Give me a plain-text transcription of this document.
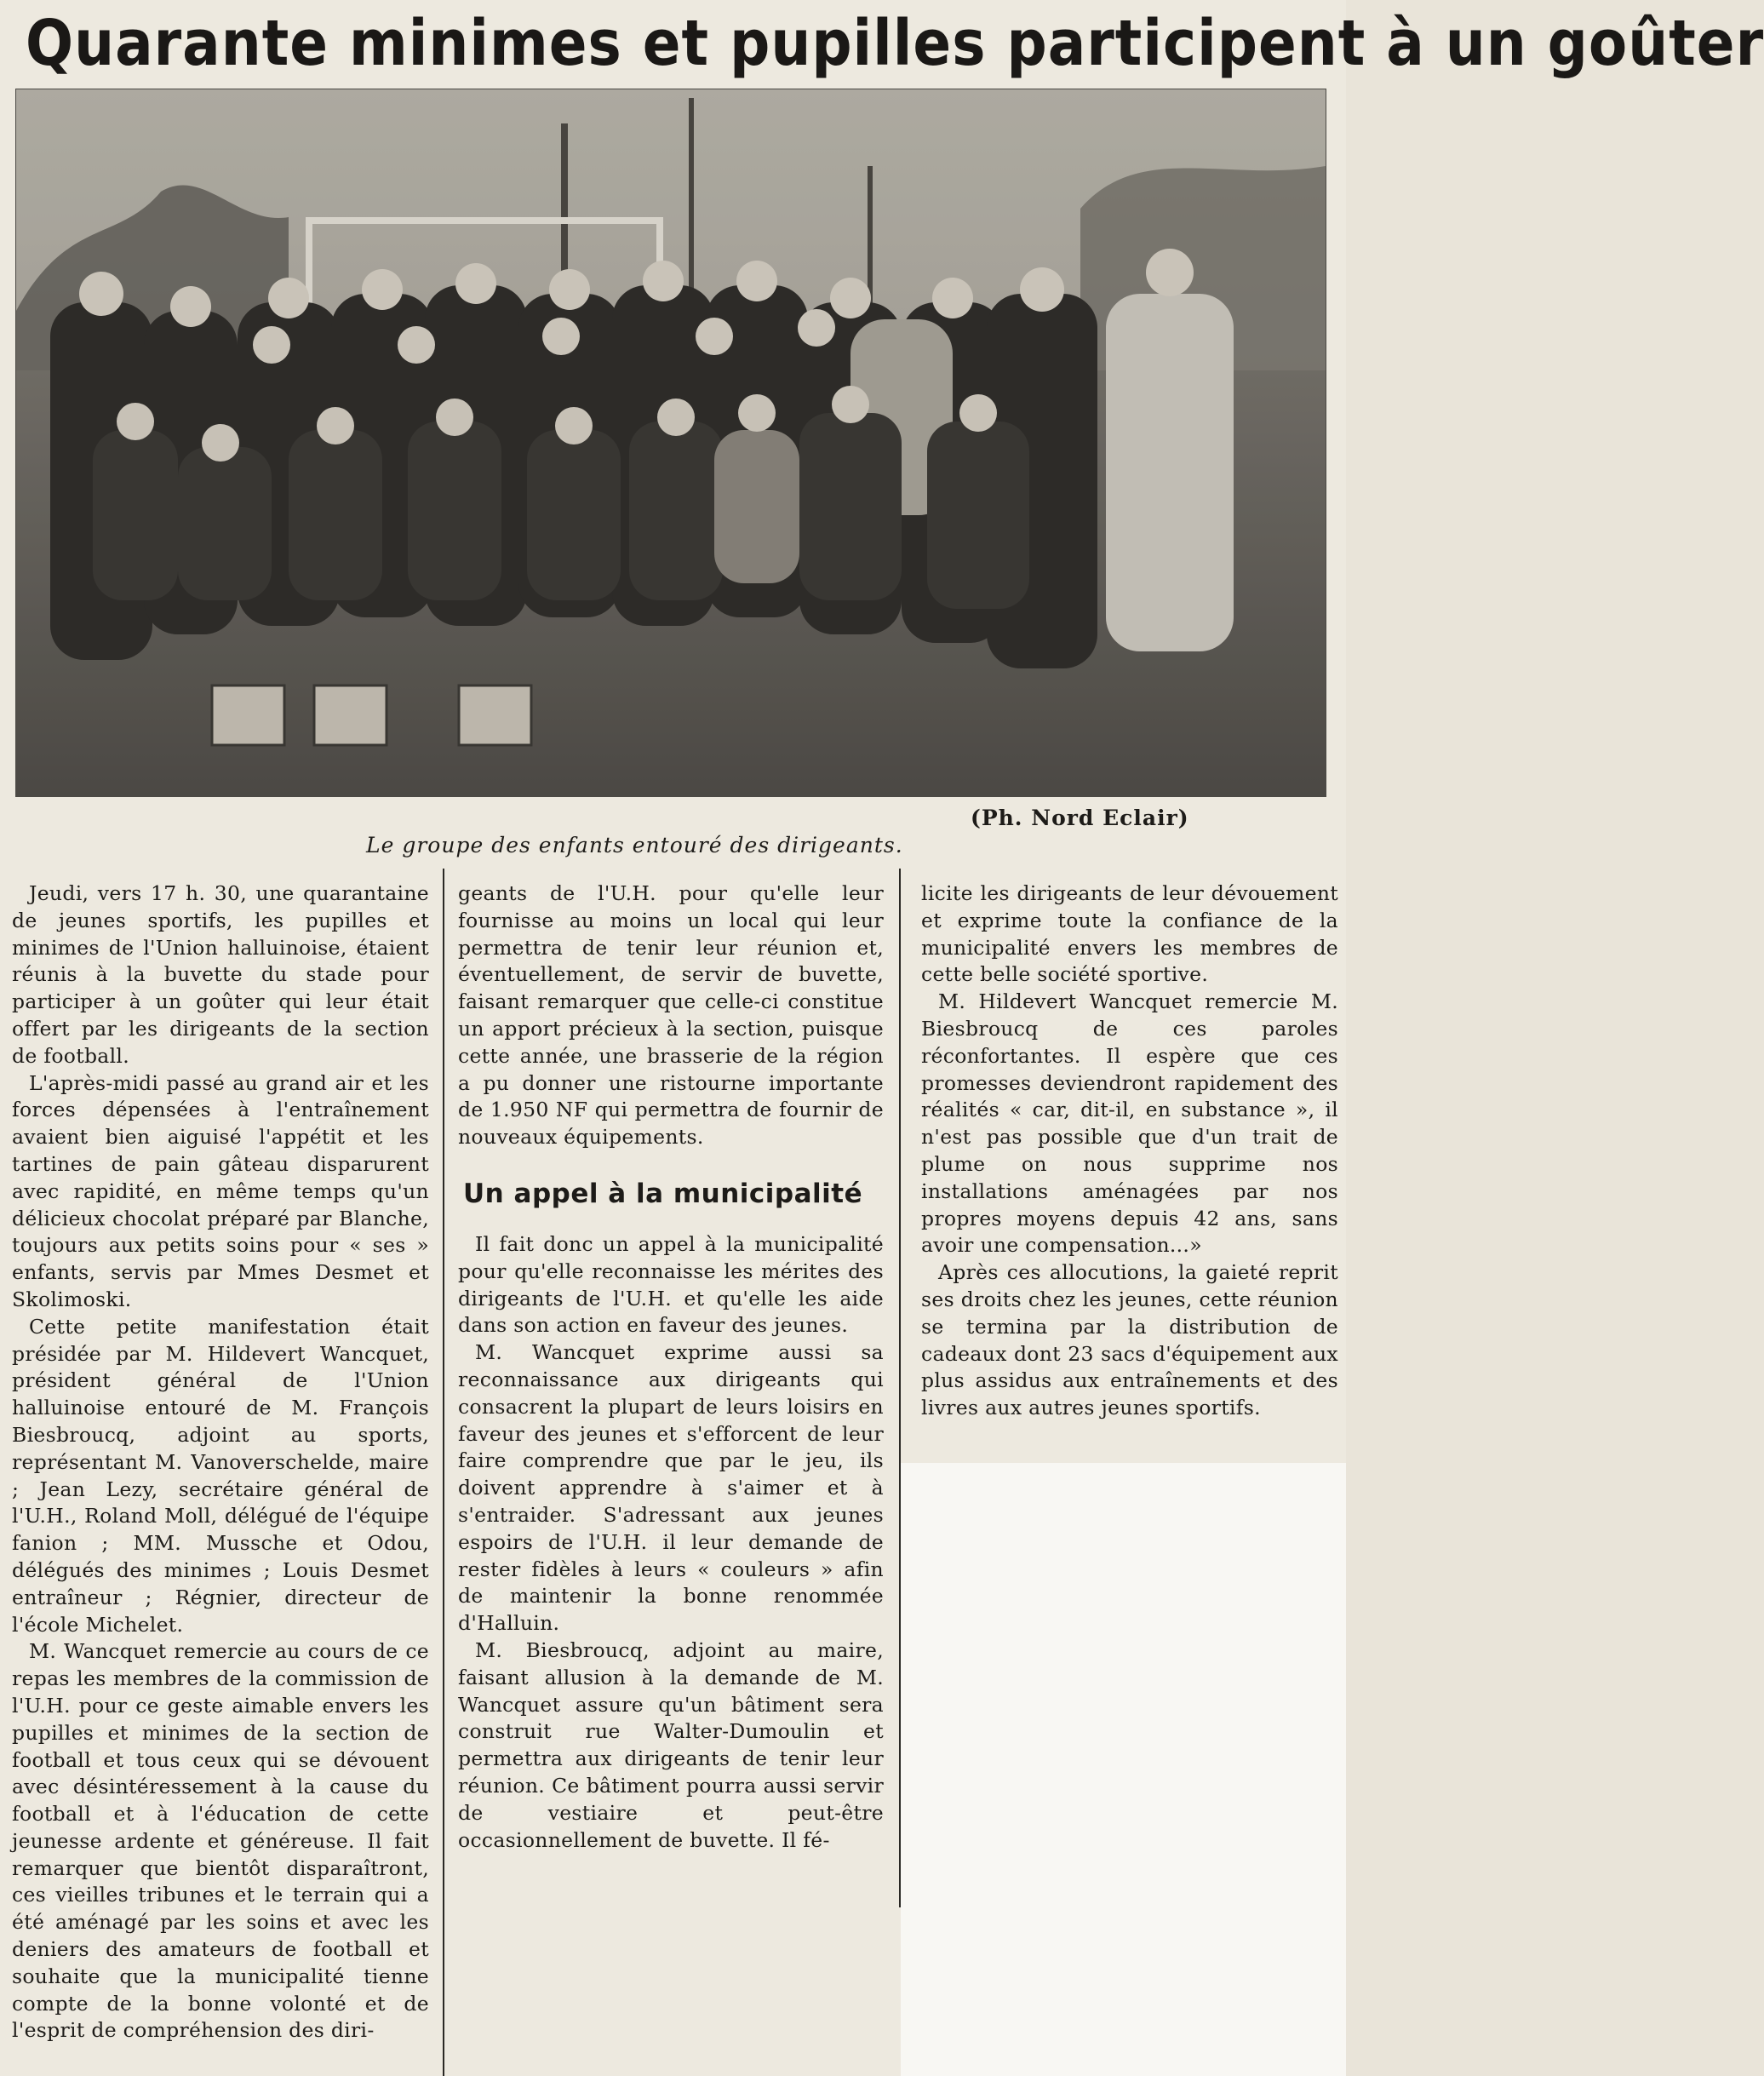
Quarante minimes et pupilles participent à un goûter
(Ph. Nord Eclair)
Le groupe des enfants entouré des dirigeants.

Jeudi, vers 17 h. 30, une quarantaine de jeunes sportifs, les pupilles et minimes de l'Union halluinoise, étaient réunis à la buvette du stade pour participer à un goûter qui leur était offert par les dirigeants de la section de football.

L'après-midi passé au grand air et les forces dépensées à l'entraînement avaient bien aiguisé l'appétit et les tartines de pain gâteau disparurent avec rapidité, en même temps qu'un délicieux chocolat préparé par Blanche, toujours aux petits soins pour « ses » enfants, servis par Mmes Desmet et Skolimoski.

Cette petite manifestation était présidée par M. Hildevert Wancquet, président général de l'Union halluinoise entouré de M. François Biesbroucq, adjoint au sports, représentant M. Vanoverschelde, maire ; Jean Lezy, secrétaire général de l'U.H., Roland Moll, délégué de l'équipe fanion ; MM. Mussche et Odou, délégués des minimes ; Louis Desmet entraîneur ; Régnier, directeur de l'école Michelet.

M. Wancquet remercie au cours de ce repas les membres de la commission de l'U.H. pour ce geste aimable envers les pupilles et minimes de la section de football et tous ceux qui se dévouent avec désintéressement à la cause du football et à l'éducation de cette jeunesse ardente et généreuse. Il fait remarquer que bientôt disparaîtront, ces vieilles tribunes et le terrain qui a été aménagé par les soins et avec les deniers des amateurs de football et souhaite que la municipalité tienne compte de la bonne volonté et de l'esprit de compréhension des diri-

geants de l'U.H. pour qu'elle leur fournisse au moins un local qui leur permettra de tenir leur réunion et, éventuellement, de servir de buvette, faisant remarquer que celle-ci constitue un apport précieux à la section, puisque cette année, une brasserie de la région a pu donner une ristourne importante de 1.950 NF qui permettra de fournir de nouveaux équipements.

Un appel à la municipalité

Il fait donc un appel à la municipalité pour qu'elle reconnaisse les mérites des dirigeants de l'U.H. et qu'elle les aide dans son action en faveur des jeunes.

M. Wancquet exprime aussi sa reconnaissance aux dirigeants qui consacrent la plupart de leurs loisirs en faveur des jeunes et s'efforcent de leur faire comprendre que par le jeu, ils doivent apprendre à s'aimer et à s'entraider. S'adressant aux jeunes espoirs de l'U.H. il leur demande de rester fidèles à leurs « couleurs » afin de maintenir la bonne renommée d'Halluin.

M. Biesbroucq, adjoint au maire, faisant allusion à la demande de M. Wancquet assure qu'un bâtiment sera construit rue Walter-Dumoulin et permettra aux dirigeants de tenir leur réunion. Ce bâtiment pourra aussi servir de vestiaire et peut-être occasionnellement de buvette. Il fé-

licite les dirigeants de leur dévouement et exprime toute la confiance de la municipalité envers les membres de cette belle société sportive.

M. Hildevert Wancquet remercie M. Biesbroucq de ces paroles réconfortantes. Il espère que ces promesses deviendront rapidement des réalités « car, dit-il, en substance », il n'est pas possible que d'un trait de plume on nous supprime nos installations aménagées par nos propres moyens depuis 42 ans, sans avoir une compensation...»

Après ces allocutions, la gaieté reprit ses droits chez les jeunes, cette réunion se termina par la distribution de cadeaux dont 23 sacs d'équipement aux plus assidus aux entraînements et des livres aux autres jeunes sportifs.
